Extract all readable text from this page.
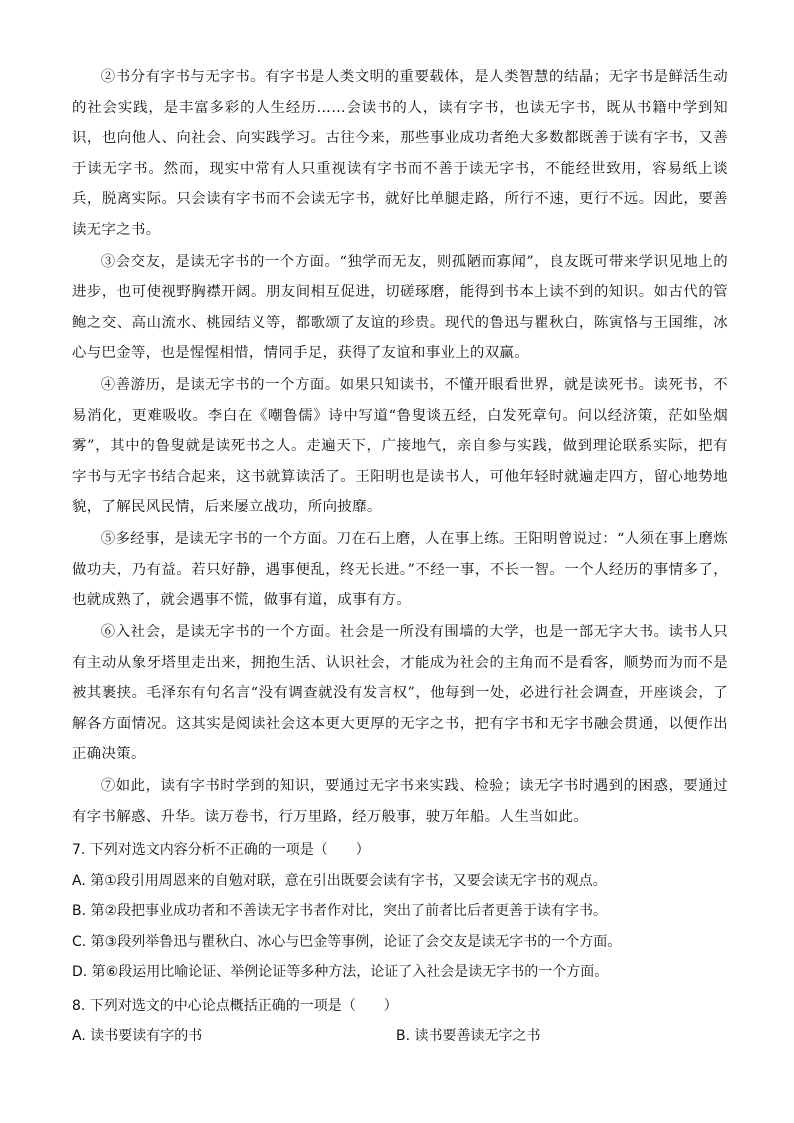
②书分有字书与无字书。有字书是人类文明的重要载体，是人类智慧的结晶；无字书是鲜活生动的社会实践，是丰富多彩的人生经历……会读书的人，读有字书，也读无字书，既从书籍中学到知识，也向他人、向社会、向实践学习。古往今来，那些事业成功者绝大多数都既善于读有字书，又善于读无字书。然而，现实中常有人只重视读有字书而不善于读无字书，不能经世致用，容易纸上谈兵，脱离实际。只会读有字书而不会读无字书，就好比单腿走路，所行不速，更行不远。因此，要善读无字之书。

③会交友，是读无字书的一个方面。“独学而无友，则孤陋而寡闻”，良友既可带来学识见地上的进步，也可使视野胸襟开阔。朋友间相互促进，切磋琢磨，能得到书本上读不到的知识。如古代的管鲍之交、高山流水、桃园结义等，都歌颂了友谊的珍贵。现代的鲁迅与瞿秋白，陈寅恪与王国维，冰心与巴金等，也是惺惺相惜，情同手足，获得了友谊和事业上的双赢。

④善游历，是读无字书的一个方面。如果只知读书，不懂开眼看世界，就是读死书。读死书，不易消化，更难吸收。李白在《嘲鲁儒》诗中写道“鲁叟谈五经，白发死章句。问以经济策，茫如坠烟雾”，其中的鲁叟就是读死书之人。走遍天下，广接地气，亲自参与实践，做到理论联系实际，把有字书与无字书结合起来，这书就算读活了。王阳明也是读书人，可他年轻时就遍走四方，留心地势地貌，了解民风民情，后来屡立战功，所向披靡。

⑤多经事，是读无字书的一个方面。刀在石上磨，人在事上练。王阳明曾说过：“人须在事上磨炼做功夫，乃有益。若只好静，遇事便乱，终无长进。”不经一事，不长一智。一个人经历的事情多了，也就成熟了，就会遇事不慌，做事有道，成事有方。

⑥入社会，是读无字书的一个方面。社会是一所没有围墙的大学，也是一部无字大书。读书人只有主动从象牙塔里走出来，拥抱生活、认识社会，才能成为社会的主角而不是看客，顺势而为而不是被其裹挟。毛泽东有句名言“没有调查就没有发言权”，他每到一处，必进行社会调查，开座谈会，了解各方面情况。这其实是阅读社会这本更大更厚的无字之书，把有字书和无字书融会贯通，以便作出正确决策。

⑦如此，读有字书时学到的知识，要通过无字书来实践、检验；读无字书时遇到的困惑，要通过有字书解惑、升华。读万卷书，行万里路，经万般事，驶万年船。人生当如此。

7. 下列对选文内容分析不正确的一项是（　　）

A. 第①段引用周恩来的自勉对联，意在引出既要会读有字书，又要会读无字书的观点。

B. 第②段把事业成功者和不善读无字书者作对比，突出了前者比后者更善于读有字书。

C. 第③段列举鲁迅与瞿秋白、冰心与巴金等事例，论证了会交友是读无字书的一个方面。

D. 第⑥段运用比喻论证、举例论证等多种方法，论证了入社会是读无字书的一个方面。

8. 下列对选文的中心论点概括正确的一项是（　　）

A. 读书要读有字的书	B. 读书要善读无字之书
